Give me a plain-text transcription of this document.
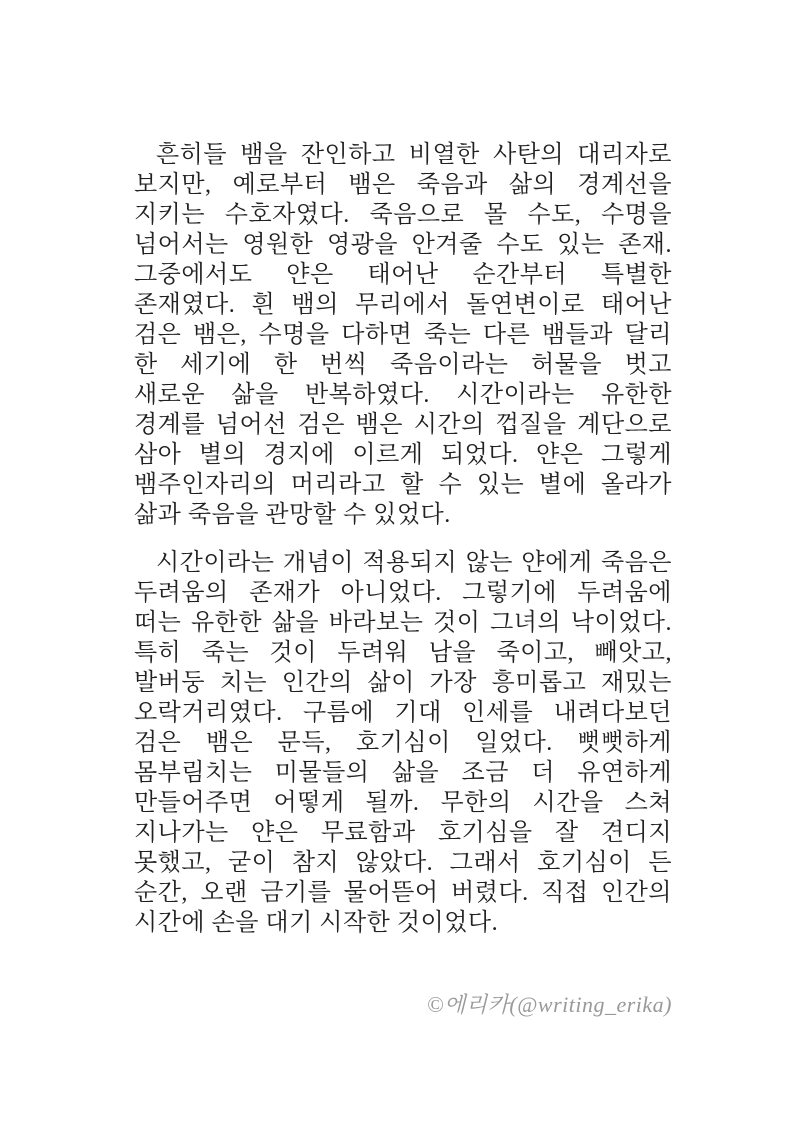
흔히들 뱀을 잔인하고 비열한 사탄의 대리자로
보지만, 예로부터 뱀은 죽음과 삶의 경계선을
지키는 수호자였다. 죽음으로 몰 수도, 수명을
넘어서는 영원한 영광을 안겨줄 수도 있는 존재.
그중에서도 얀은 태어난 순간부터 특별한
존재였다. 흰 뱀의 무리에서 돌연변이로 태어난
검은 뱀은, 수명을 다하면 죽는 다른 뱀들과 달리
한 세기에 한 번씩 죽음이라는 허물을 벗고
새로운 삶을 반복하였다. 시간이라는 유한한
경계를 넘어선 검은 뱀은 시간의 껍질을 계단으로
삼아 별의 경지에 이르게 되었다. 얀은 그렇게
뱀주인자리의 머리라고 할 수 있는 별에 올라가
삶과 죽음을 관망할 수 있었다.
시간이라는 개념이 적용되지 않는 얀에게 죽음은
두려움의 존재가 아니었다. 그렇기에 두려움에
떠는 유한한 삶을 바라보는 것이 그녀의 낙이었다.
특히 죽는 것이 두려워 남을 죽이고, 빼앗고,
발버둥 치는 인간의 삶이 가장 흥미롭고 재밌는
오락거리였다. 구름에 기대 인세를 내려다보던
검은 뱀은 문득, 호기심이 일었다. 뻣뻣하게
몸부림치는 미물들의 삶을 조금 더 유연하게
만들어주면 어떻게 될까. 무한의 시간을 스쳐
지나가는 얀은 무료함과 호기심을 잘 견디지
못했고, 굳이 참지 않았다. 그래서 호기심이 든
순간, 오랜 금기를 물어뜯어 버렸다. 직접 인간의
시간에 손을 대기 시작한 것이었다.
©에리카(@writing_erika)
